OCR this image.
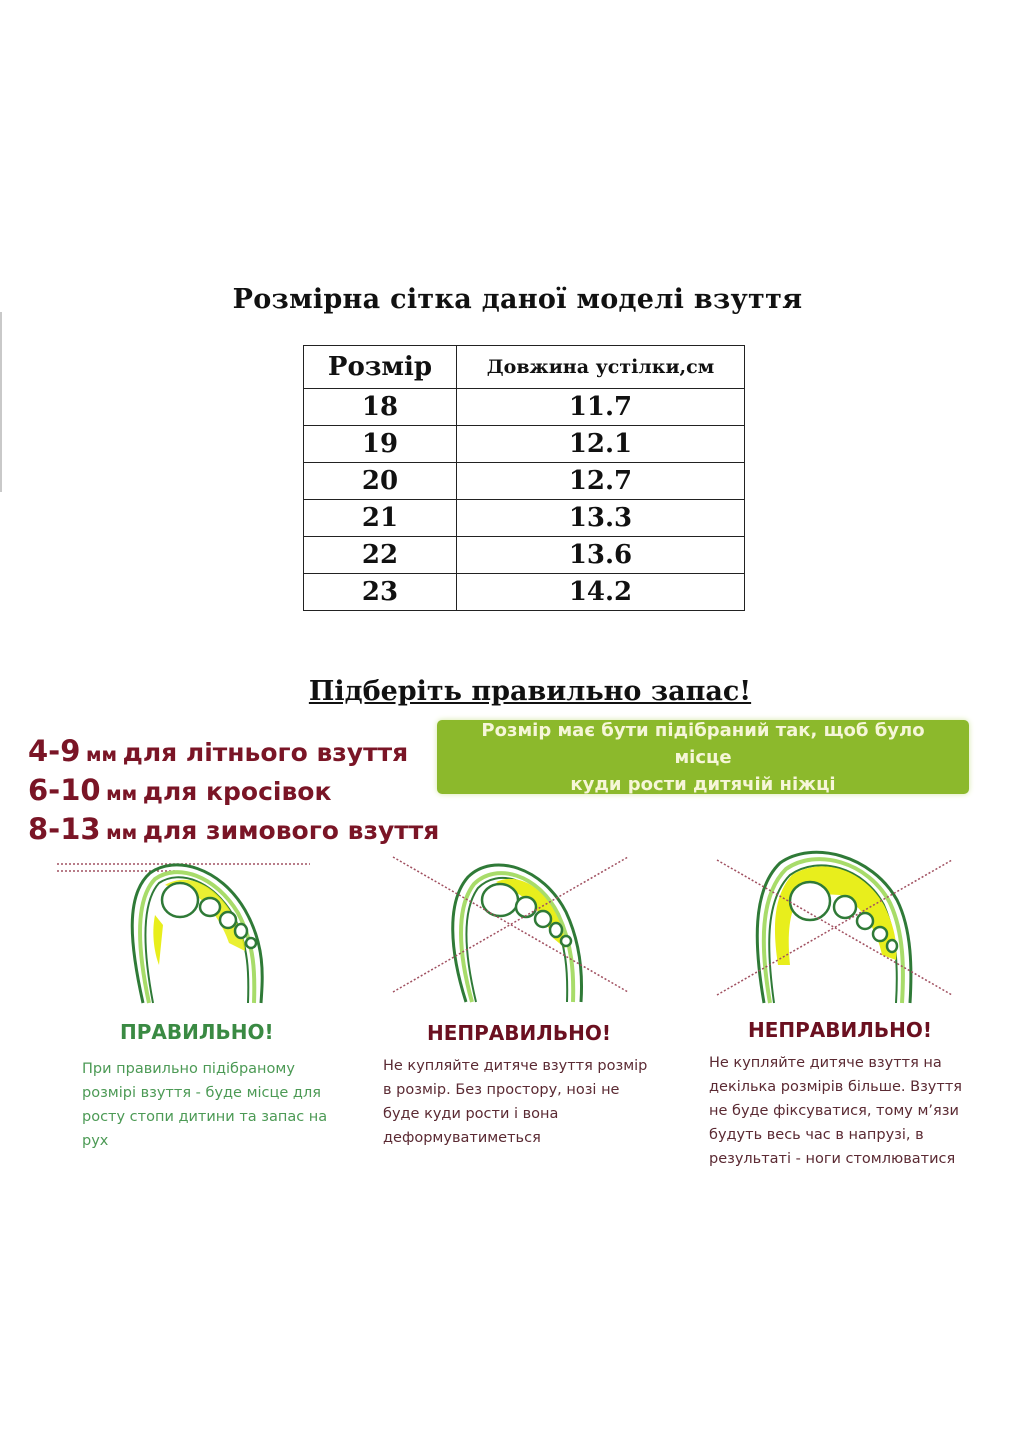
Розмірна сітка даної моделі взуття
Розмір	Довжина устілки,см
18	11.7
19	12.1
20	12.7
21	13.3
22	13.6
23	14.2
Підберіть правильно запас!
4-9 мм для літнього взуття
6-10 мм для кросівок
8-13 мм для зимового взуття
Розмір має бути підібраний так, щоб було місце
куди рости дитячій ніжці
ПРАВИЛЬНО!
При правильно підібраному
розмірі взуття - буде місце для
росту стопи дитини та запас на
рух
НЕПРАВИЛЬНО!
Не купляйте дитяче взуття розмір
в розмір. Без простору, нозі не
буде куди рости і вона
деформуватиметься
НЕПРАВИЛЬНО!
Не купляйте дитяче взуття на
декілька розмірів більше. Взуття
не буде фіксуватися, тому м’язи
будуть весь час в напрузі, в
результаті - ноги стомлюватися
